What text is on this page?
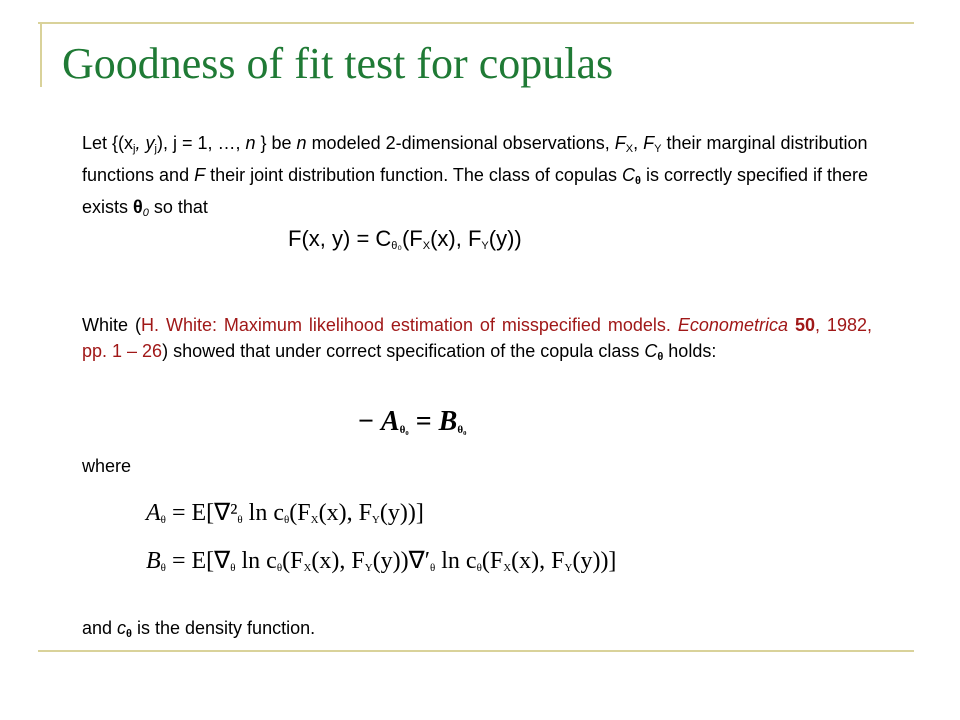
Goodness of fit test for copulas
Let {($x_j$, $y_j$), j = 1, …, n } be n modeled 2-dimensional observations, $F_X$, $F_Y$ their marginal distribution functions and F their joint distribution function. The class of copulas $C_\theta$ is correctly specified if there exists $\theta_0$ so that
F(x, $y) = C_{\theta_0}(F_X(x)$, $F_Y(y)$)
White (H. White: Maximum likelihood estimation of misspecified models. Econometrica 50, 1982, pp. 1 – 26) showed that under correct specification of the copula class $C_\theta$ holds:
− $A_{\theta_0} = B_{\theta_0}$
where
$A_\theta = E[\nabla^2_\theta$ $\ln c_\theta(F_X(x)$, $F_Y(y)$)]
$B_\theta = E[\nabla_\theta$ $\ln c_\theta(F_X(x)$, $F_Y(y))\nabla'_\theta$ $\ln c_\theta(F_X(x)$, $F_Y(y)$)]
and $c_\theta$ is the density function.
